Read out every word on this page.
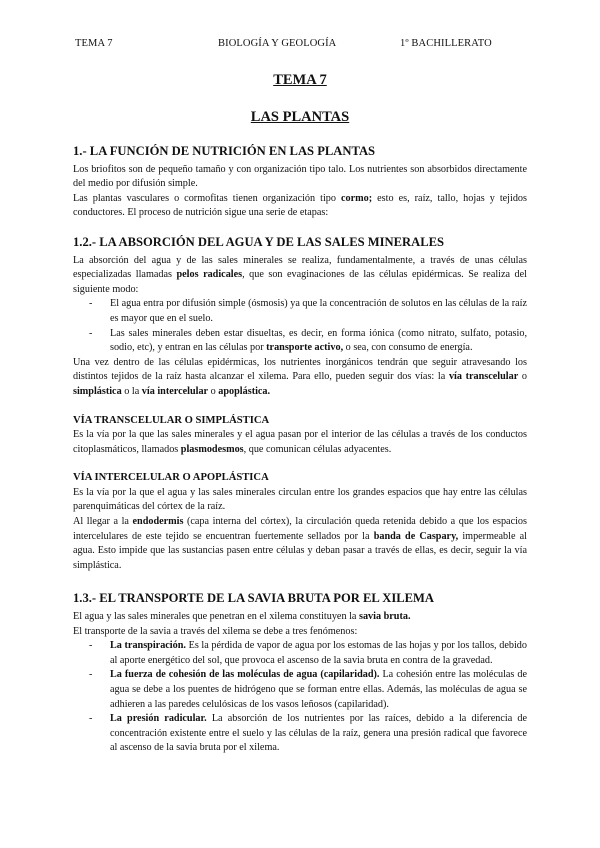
TEMA 7	BIOLOGÍA Y GEOLOGÍA	1º BACHILLERATO
TEMA 7
LAS PLANTAS
1.- LA FUNCIÓN DE NUTRICIÓN EN LAS PLANTAS

Los briofitos son de pequeño tamaño y con organización tipo talo. Los nutrientes son absorbidos directamente del medio por difusión simple.

Las plantas vasculares o cormofitas tienen organización tipo cormo; esto es, raíz, tallo, hojas y tejidos conductores. El proceso de nutrición sigue una serie de etapas:

1.2.- LA ABSORCIÓN DEL AGUA Y DE LAS SALES MINERALES

La absorción del agua y de las sales minerales se realiza, fundamentalmente, a través de unas células especializadas llamadas pelos radicales, que son evaginaciones de las células epidérmicas. Se realiza del siguiente modo:

- El agua entra por difusión simple (ósmosis) ya que la concentración de solutos en las células de la raíz es mayor que en el suelo.
- Las sales minerales deben estar disueltas, es decir, en forma iónica (como nitrato, sulfato, potasio, sodio, etc), y entran en las células por transporte activo, o sea, con consumo de energía.

Una vez dentro de las células epidérmicas, los nutrientes inorgánicos tendrán que seguir atravesando los distintos tejidos de la raíz hasta alcanzar el xilema. Para ello, pueden seguir dos vías: la vía transcelular o simplástica o la vía intercelular o apoplástica.

VÍA TRANSCELULAR O SIMPLÁSTICA

Es la vía por la que las sales minerales y el agua pasan por el interior de las células a través de los conductos citoplasmáticos, llamados plasmodesmos, que comunican células adyacentes.

VÍA INTERCELULAR O APOPLÁSTICA

Es la vía por la que el agua y las sales minerales circulan entre los grandes espacios que hay entre las células parenquimáticas del córtex de la raíz.

Al llegar a la endodermis (capa interna del córtex), la circulación queda retenida debido a que los espacios intercelulares de este tejido se encuentran fuertemente sellados por la banda de Caspary, impermeable al agua. Esto impide que las sustancias pasen entre células y deban pasar a través de ellas, es decir, seguir la vía simplástica.

1.3.- EL TRANSPORTE DE LA SAVIA BRUTA POR EL XILEMA

El agua y las sales minerales que penetran en el xilema constituyen la savia bruta.

El transporte de la savia a través del xilema se debe a tres fenómenos:

- La transpiración. Es la pérdida de vapor de agua por los estomas de las hojas y por los tallos, debido al aporte energético del sol, que provoca el ascenso de la savia bruta en contra de la gravedad.
- La fuerza de cohesión de las moléculas de agua (capilaridad). La cohesión entre las moléculas de agua se debe a los puentes de hidrógeno que se forman entre ellas. Además, las moléculas de agua se adhieren a las paredes celulósicas de los vasos leñosos (capilaridad).
- La presión radicular. La absorción de los nutrientes por las raíces, debido a la diferencia de concentración existente entre el suelo y las células de la raíz, genera una presión radical que favorece al ascenso de la savia bruta por el xilema.
